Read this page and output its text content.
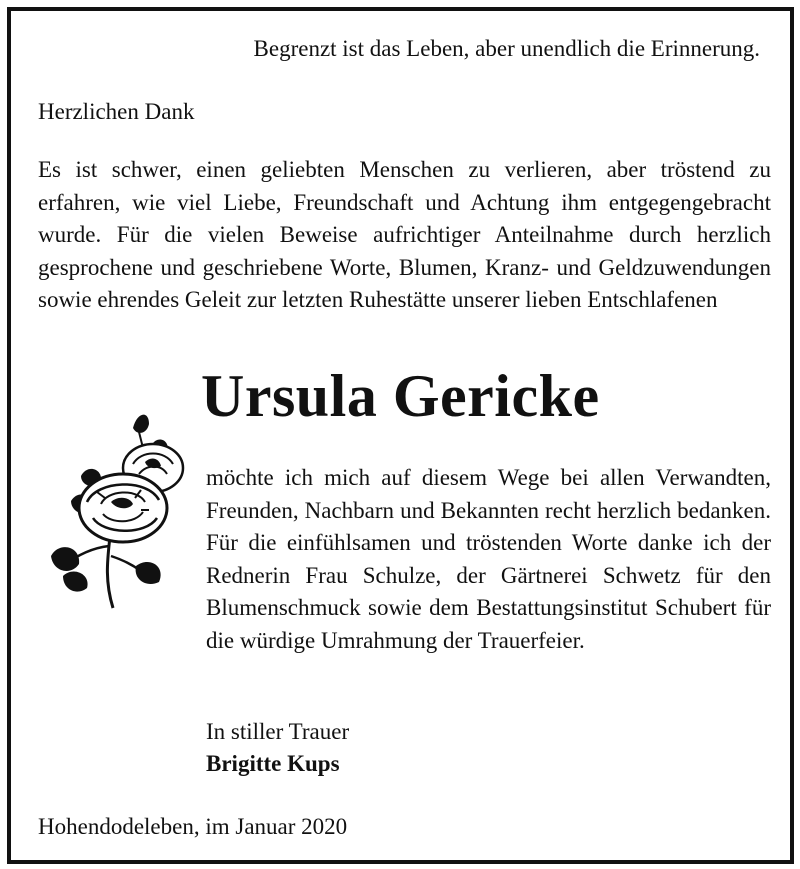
Begrenzt ist das Leben, aber unendlich die Erinnerung.
Herzlichen Dank

Es ist schwer, einen geliebten Menschen zu verlieren, aber tröstend zu erfahren, wie viel Liebe, Freundschaft und Achtung ihm entgegengebracht wurde. Für die vielen Beweise aufrichtiger Anteilnahme durch herzlich gesprochene und geschriebene Worte, Blumen, Kranz- und Geldzuwendungen sowie ehrendes Geleit zur letzten Ruhestätte unserer lieben Entschlafenen

Ursula Gericke

möchte ich mich auf diesem Wege bei allen Verwandten, Freunden, Nachbarn und Bekannten recht herzlich bedanken. Für die einfühlsamen und tröstenden Worte danke ich der Rednerin Frau Schulze, der Gärtnerei Schwetz für den Blumenschmuck sowie dem Bestattungsinstitut Schubert für die würdige Umrahmung der Trauerfeier.

In stiller Trauer
Brigitte Kups
Hohendodeleben, im Januar 2020
